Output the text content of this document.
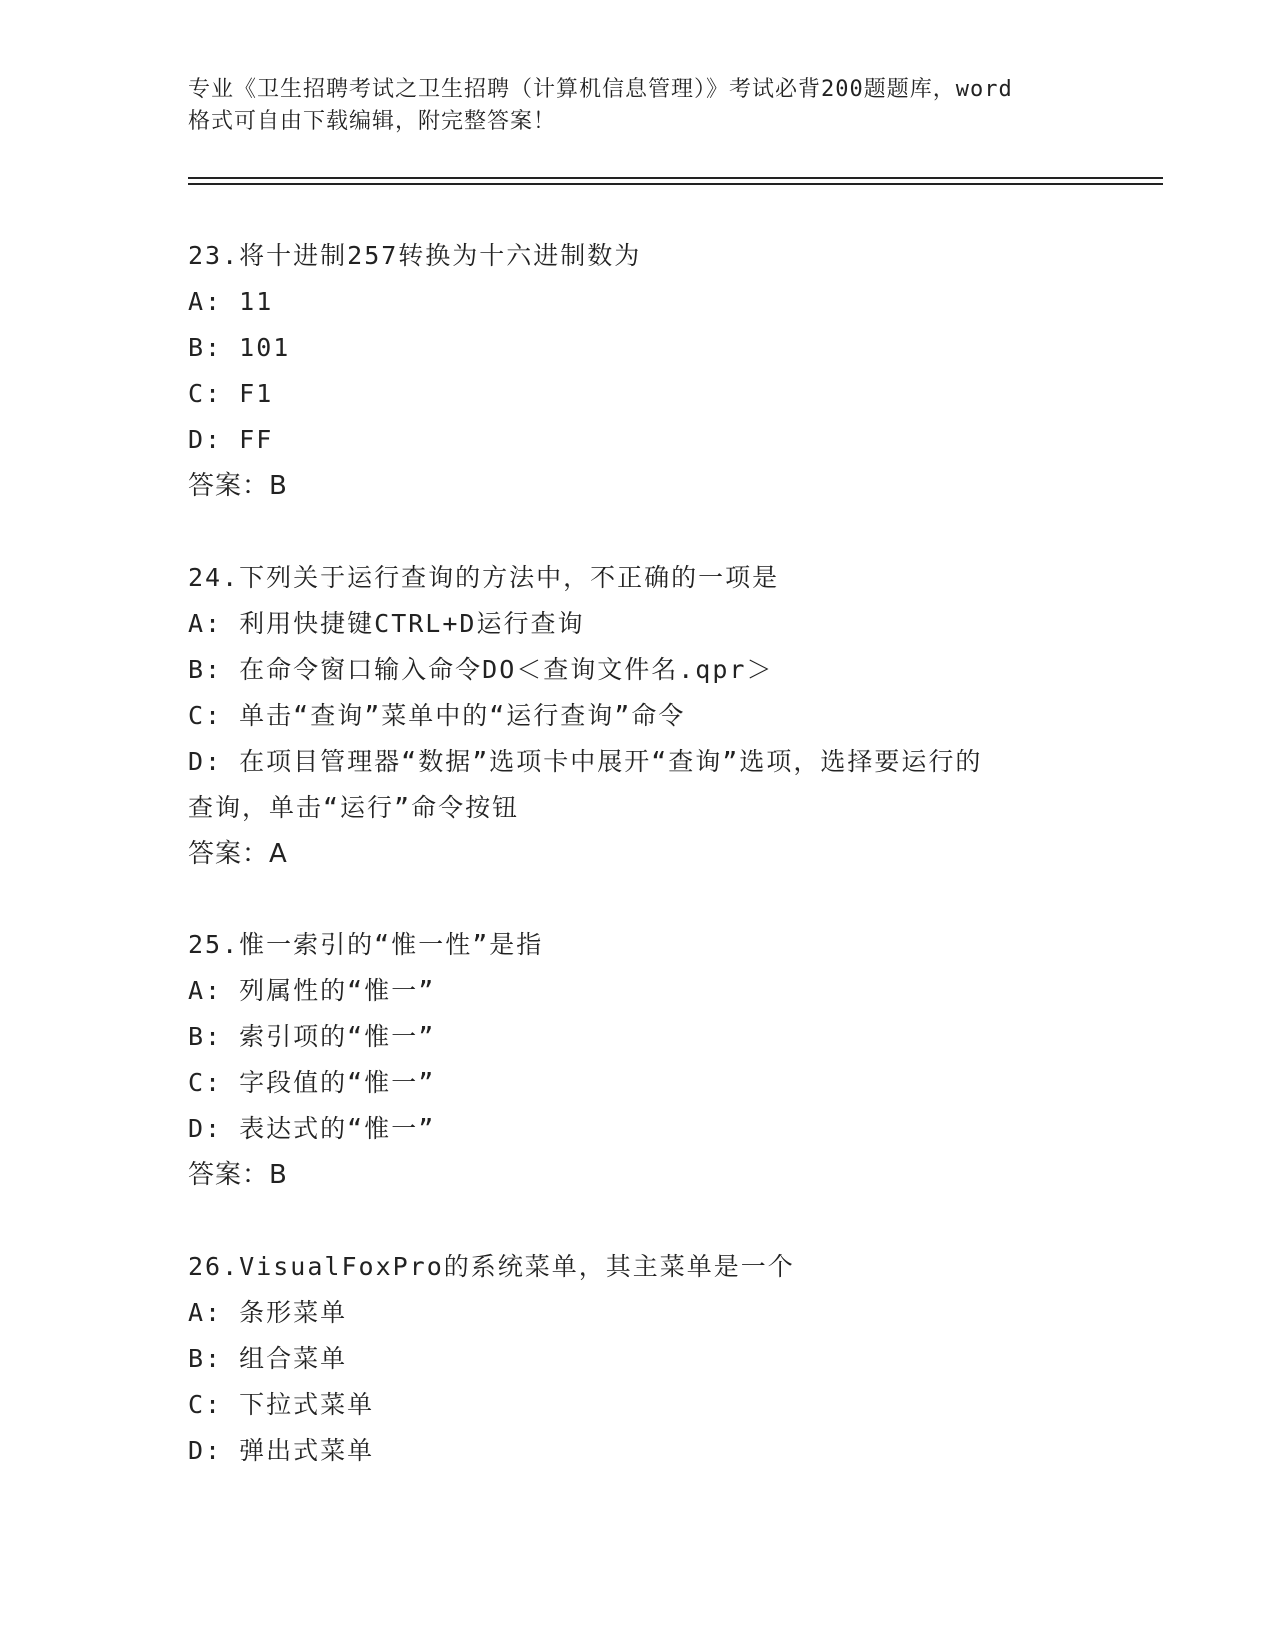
专业《卫生招聘考试之卫生招聘（计算机信息管理）》考试必背200题题库，word
格式可自由下载编辑，附完整答案！
23.将十进制257转换为十六进制数为
A: 11
B: 101
C: F1
D: FF
答案：B
24.下列关于运行查询的方法中，不正确的一项是
A: 利用快捷键CTRL+D运行查询
B: 在命令窗口输入命令DO＜查询文件名.qpr＞
C: 单击“查询”菜单中的“运行查询”命令
D: 在项目管理器“数据”选项卡中展开“查询”选项，选择要运行的
查询，单击“运行”命令按钮
答案：A
25.惟一索引的“惟一性”是指
A: 列属性的“惟一”
B: 索引项的“惟一”
C: 字段值的“惟一”
D: 表达式的“惟一”
答案：B
26.VisualFoxPro的系统菜单，其主菜单是一个
A: 条形菜单
B: 组合菜单
C: 下拉式菜单
D: 弹出式菜单
